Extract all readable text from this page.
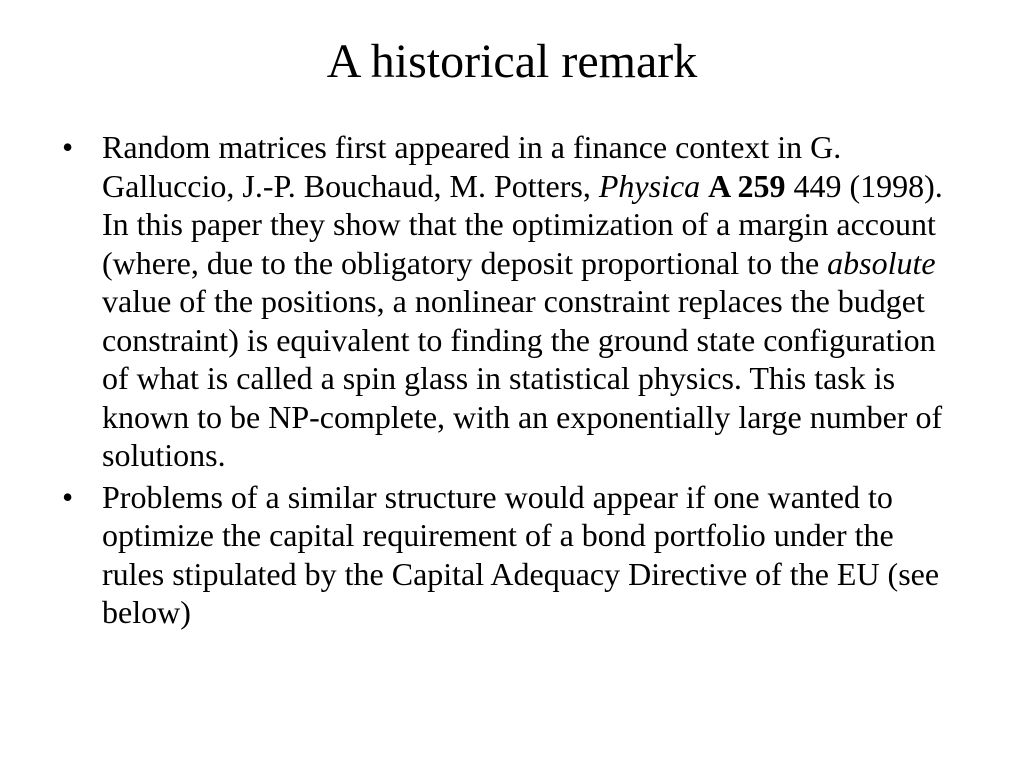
A historical remark
• Random matrices first appeared in a finance context in G. Galluccio, J.-P. Bouchaud, M. Potters, Physica A 259 449 (1998). In this paper they show that the optimization of a margin account (where, due to the obligatory deposit proportional to the absolute value of the positions, a nonlinear constraint replaces the budget constraint) is equivalent to finding the ground state configuration of what is called a spin glass in statistical physics. This task is known to be NP-complete, with an exponentially large number of solutions.
• Problems of a similar structure would appear if one wanted to optimize the capital requirement of a bond portfolio under the rules stipulated by the Capital Adequacy Directive of the EU (see below)
